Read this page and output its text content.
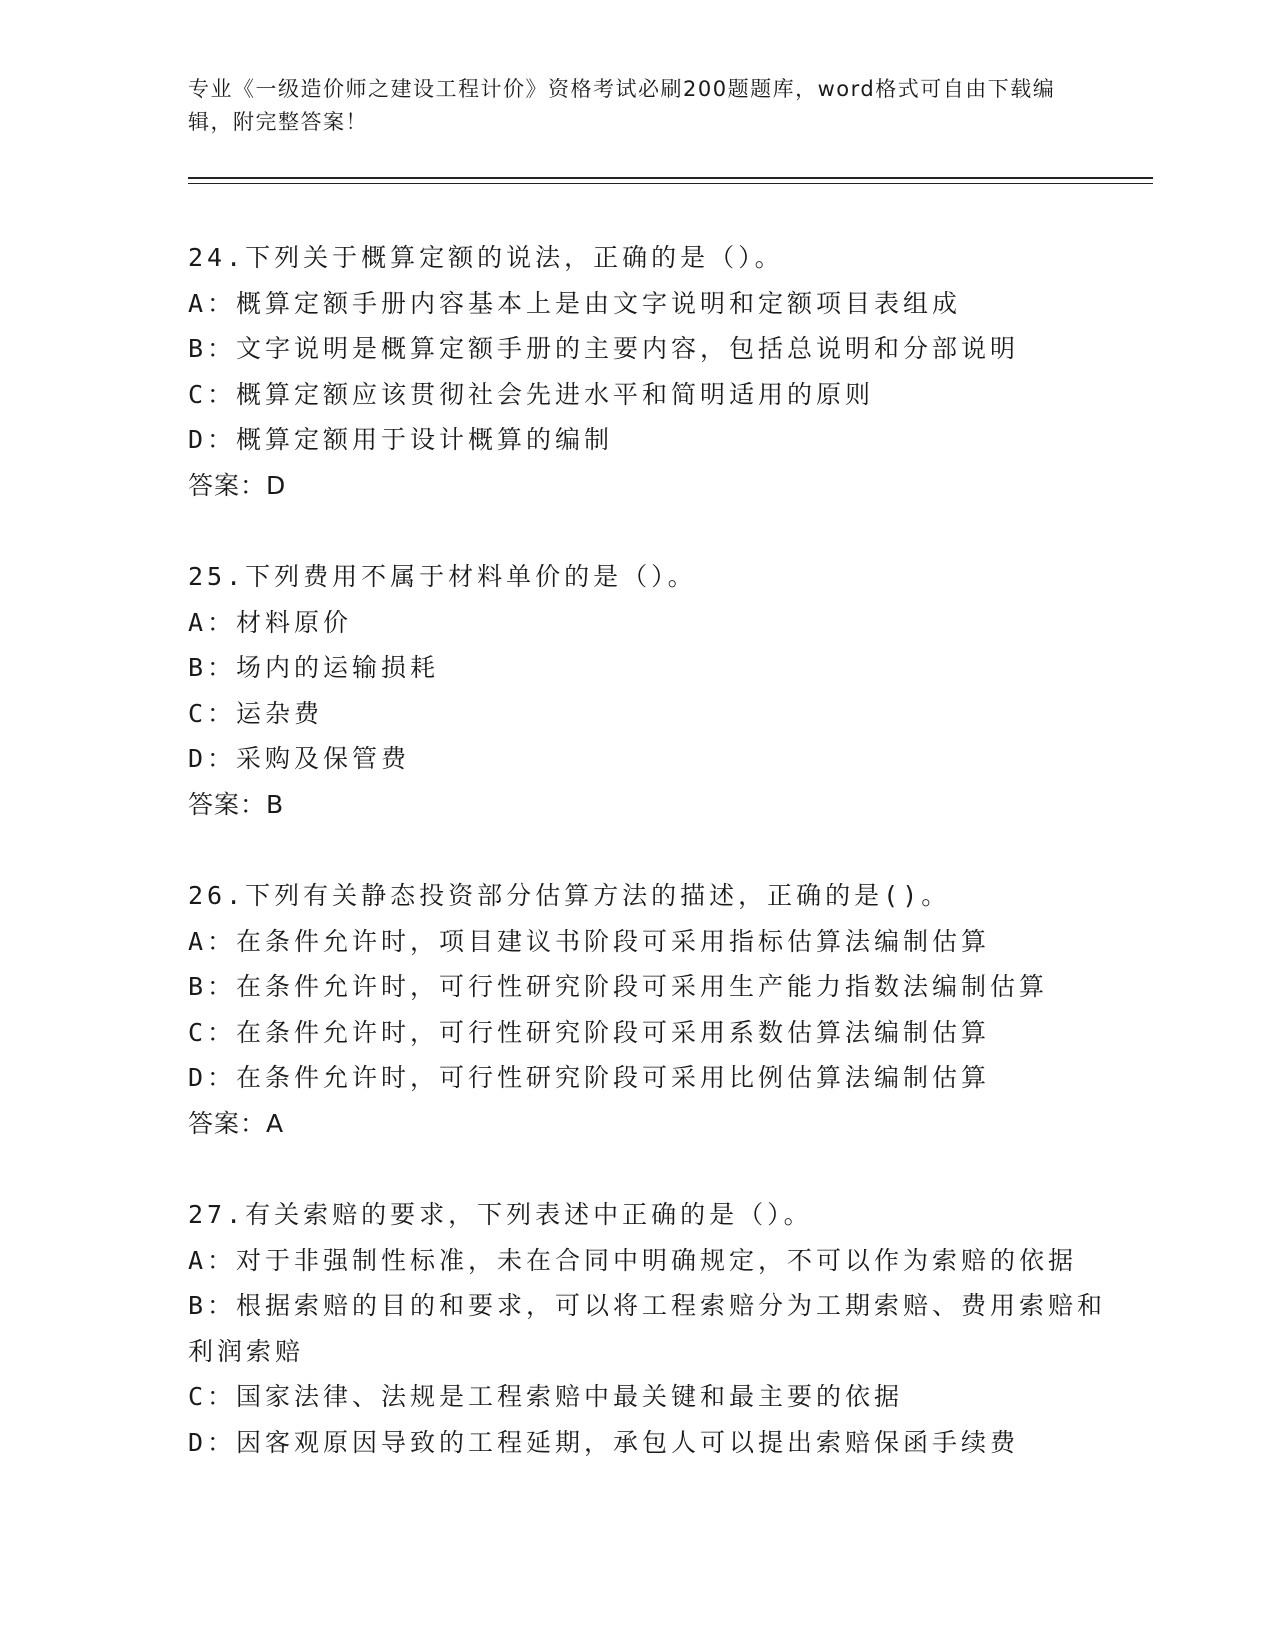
专业《一级造价师之建设工程计价》资格考试必刷200题题库，word格式可自由下载编辑，附完整答案！
24.下列关于概算定额的说法，正确的是（）。
A：概算定额手册内容基本上是由文字说明和定额项目表组成
B：文字说明是概算定额手册的主要内容，包括总说明和分部说明
C：概算定额应该贯彻社会先进水平和简明适用的原则
D：概算定额用于设计概算的编制
答案：D
25.下列费用不属于材料单价的是（）。
A：材料原价
B：场内的运输损耗
C：运杂费
D：采购及保管费
答案：B
26.下列有关静态投资部分估算方法的描述，正确的是()。
A：在条件允许时，项目建议书阶段可采用指标估算法编制估算
B：在条件允许时，可行性研究阶段可采用生产能力指数法编制估算
C：在条件允许时，可行性研究阶段可采用系数估算法编制估算
D：在条件允许时，可行性研究阶段可采用比例估算法编制估算
答案：A
27.有关索赔的要求，下列表述中正确的是（）。
A：对于非强制性标准，未在合同中明确规定，不可以作为索赔的依据
B：根据索赔的目的和要求，可以将工程索赔分为工期索赔、费用索赔和利润索赔
C：国家法律、法规是工程索赔中最关键和最主要的依据
D：因客观原因导致的工程延期，承包人可以提出索赔保函手续费
